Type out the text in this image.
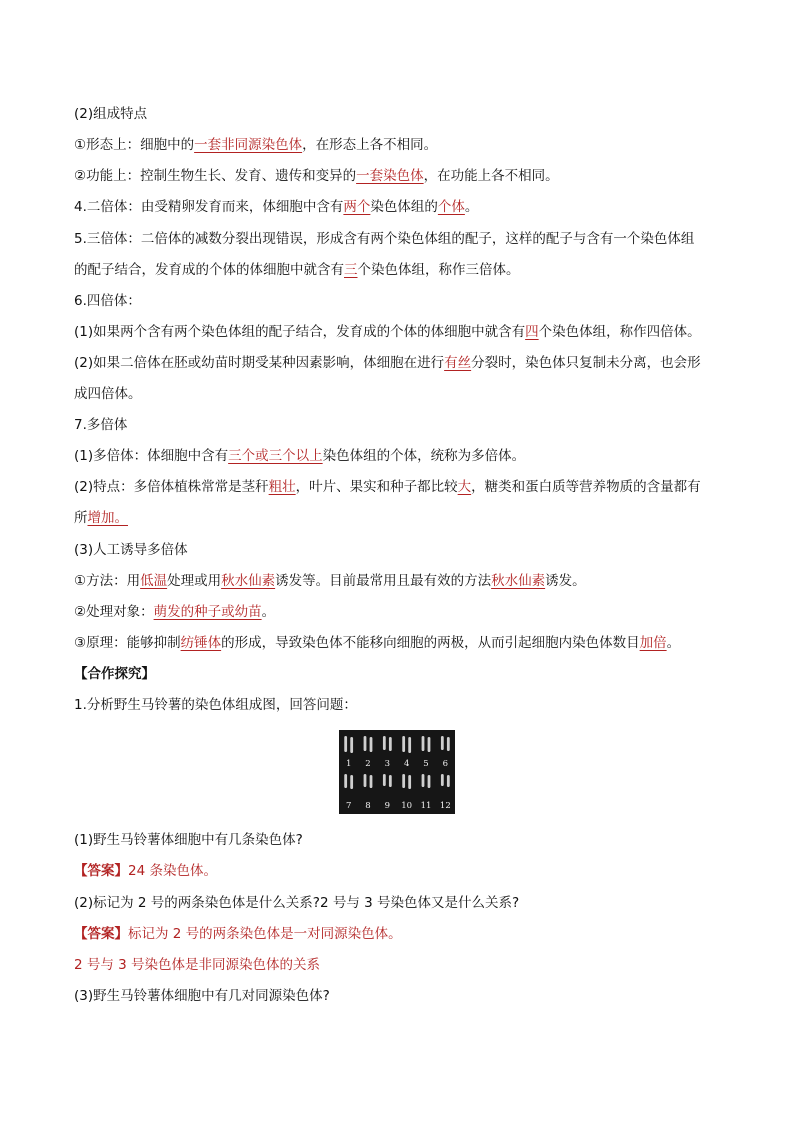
(2)组成特点
①形态上：细胞中的一套非同源染色体，在形态上各不相同。
②功能上：控制生物生长、发育、遗传和变异的一套染色体，在功能上各不相同。
4.二倍体：由受精卵发育而来，体细胞中含有两个染色体组的个体。
5.三倍体：二倍体的减数分裂出现错误，形成含有两个染色体组的配子，这样的配子与含有一个染色体组
的配子结合，发育成的个体的体细胞中就含有三个染色体组，称作三倍体。
6.四倍体：
(1)如果两个含有两个染色体组的配子结合，发育成的个体的体细胞中就含有四个染色体组，称作四倍体。
(2)如果二倍体在胚或幼苗时期受某种因素影响，体细胞在进行有丝分裂时，染色体只复制未分离，也会形
成四倍体。
7.多倍体
(1)多倍体：体细胞中含有三个或三个以上染色体组的个体，统称为多倍体。
(2)特点：多倍体植株常常是茎秆粗壮，叶片、果实和种子都比较大，糖类和蛋白质等营养物质的含量都有
所增加。
(3)人工诱导多倍体
①方法：用低温处理或用秋水仙素诱发等。目前最常用且最有效的方法秋水仙素诱发。
②处理对象：萌发的种子或幼苗。
③原理：能够抑制纺锤体的形成，导致染色体不能移向细胞的两极，从而引起细胞内染色体数目加倍。
【合作探究】
1.分析野生马铃薯的染色体组成图，回答问题：
1 2 3 4 5 6
7 8 9 10 11 12
(1)野生马铃薯体细胞中有几条染色体?
【答案】24 条染色体。
(2)标记为 2 号的两条染色体是什么关系?2 号与 3 号染色体又是什么关系?
【答案】标记为 2 号的两条染色体是一对同源染色体。
2 号与 3 号染色体是非同源染色体的关系
(3)野生马铃薯体细胞中有几对同源染色体?
